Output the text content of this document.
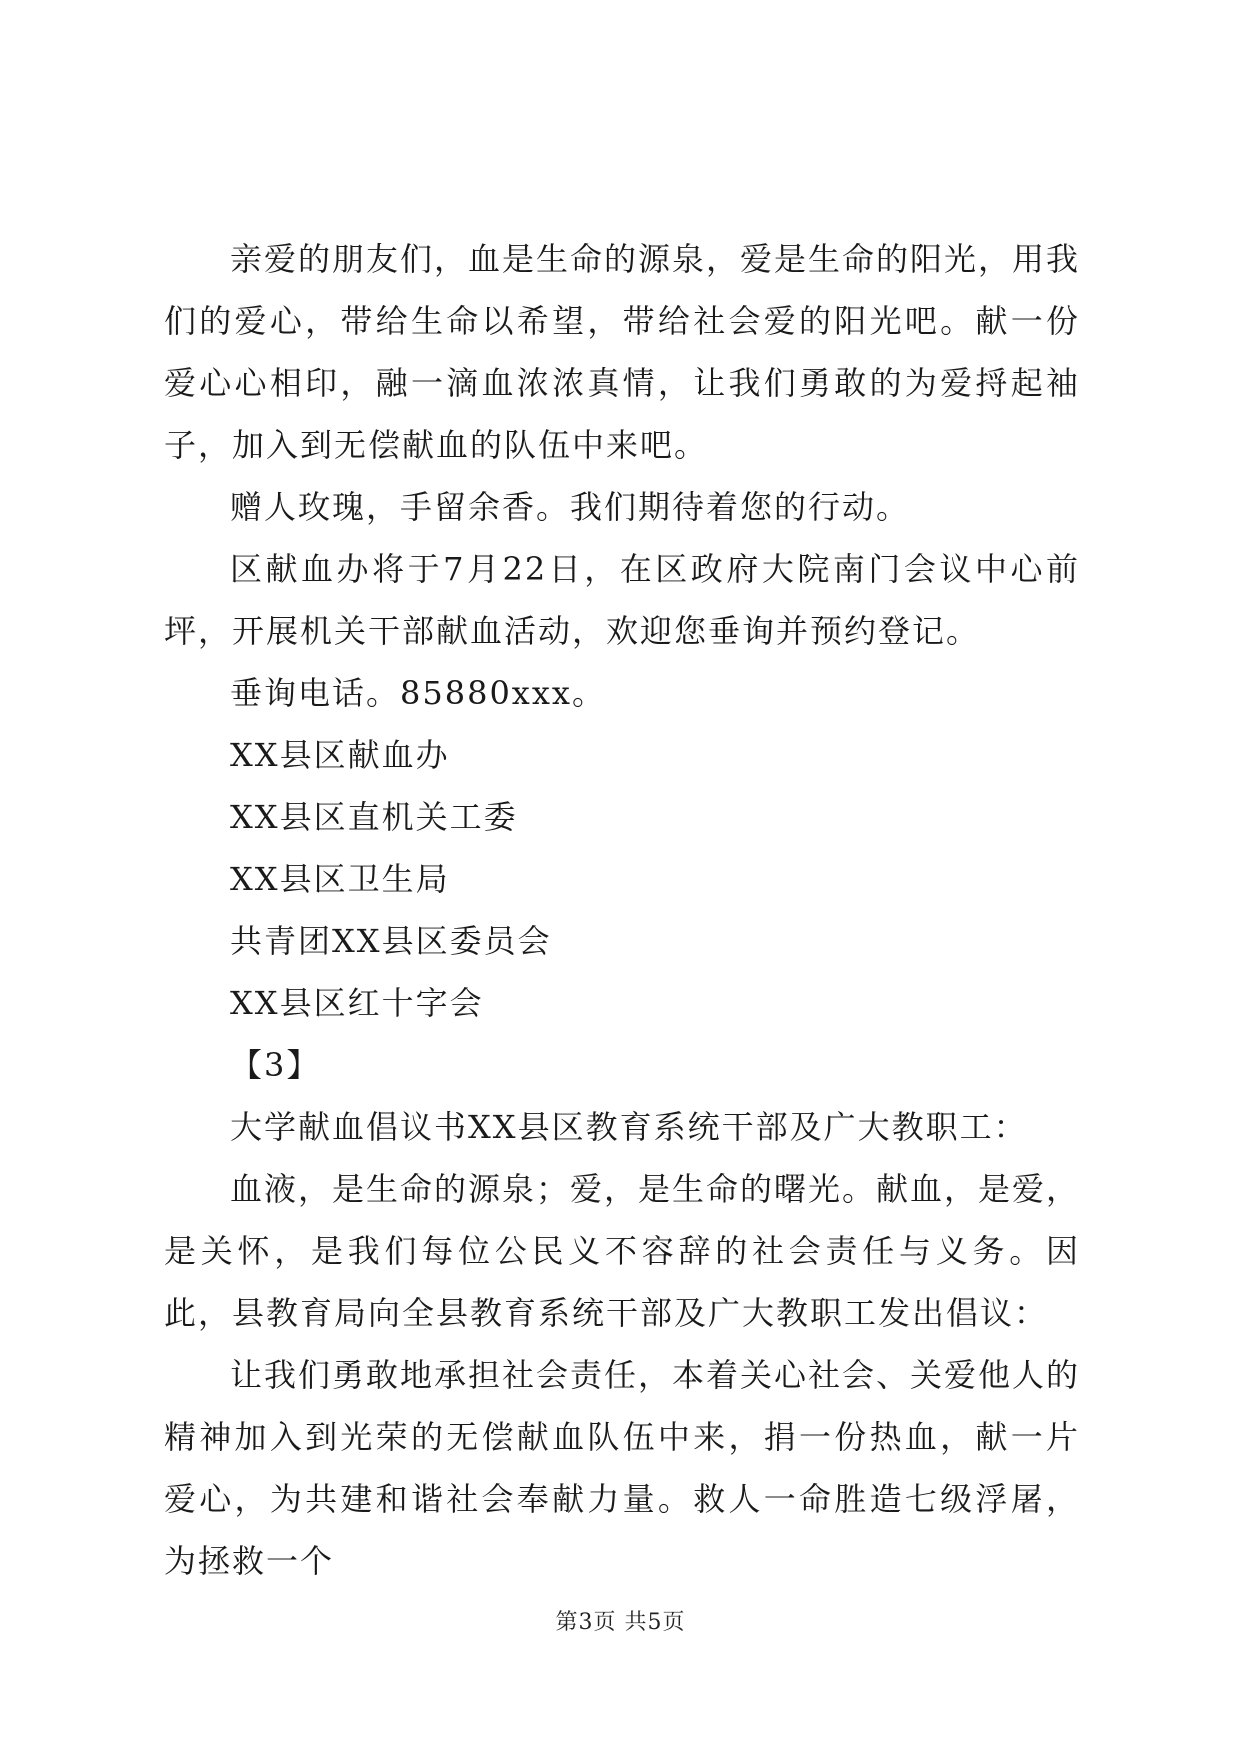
亲爱的朋友们，血是生命的源泉，爱是生命的阳光，用我们的爱心，带给生命以希望，带给社会爱的阳光吧。献一份爱心心相印，融一滴血浓浓真情，让我们勇敢的为爱捋起袖子，加入到无偿献血的队伍中来吧。

赠人玫瑰，手留余香。我们期待着您的行动。

区献血办将于7月22日，在区政府大院南门会议中心前坪，开展机关干部献血活动，欢迎您垂询并预约登记。

垂询电话。85880xxx。

XX县区献血办

XX县区直机关工委

XX县区卫生局

共青团XX县区委员会

XX县区红十字会

【3】

大学献血倡议书XX县区教育系统干部及广大教职工：

血液，是生命的源泉；爱，是生命的曙光。献血，是爱，是关怀，是我们每位公民义不容辞的社会责任与义务。因此，县教育局向全县教育系统干部及广大教职工发出倡议：

让我们勇敢地承担社会责任，本着关心社会、关爱他人的精神加入到光荣的无偿献血队伍中来，捐一份热血，献一片爱心，为共建和谐社会奉献力量。救人一命胜造七级浮屠，为拯救一个

第3页 共5页
